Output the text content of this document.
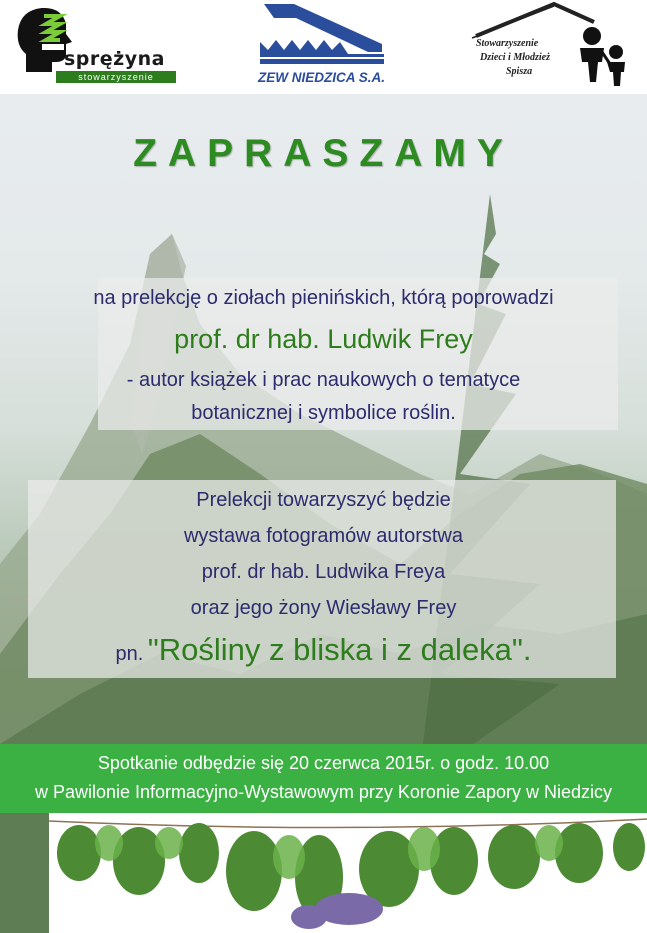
sprężyna
stowarzyszenie	ZEW NIEDZICA S.A.
Stowarzyszenie
Dzieci i Młodzież
Spisza
ZAPRASZAMY
na prelekcję o ziołach pienińskich, którą poprowadzi
prof. dr hab. Ludwik Frey
- autor książek i prac naukowych o tematyce
botanicznej i symbolice roślin.
Prelekcji towarzyszyć będzie
wystawa fotogramów autorstwa
prof. dr hab. Ludwika Freya
oraz jego żony Wiesławy Frey
pn. "Rośliny z bliska i z daleka".
Spotkanie odbędzie się 20 czerwca 2015r. o godz. 10.00
w Pawilonie Informacyjno-Wystawowym przy Koronie Zapory w Niedzicy
